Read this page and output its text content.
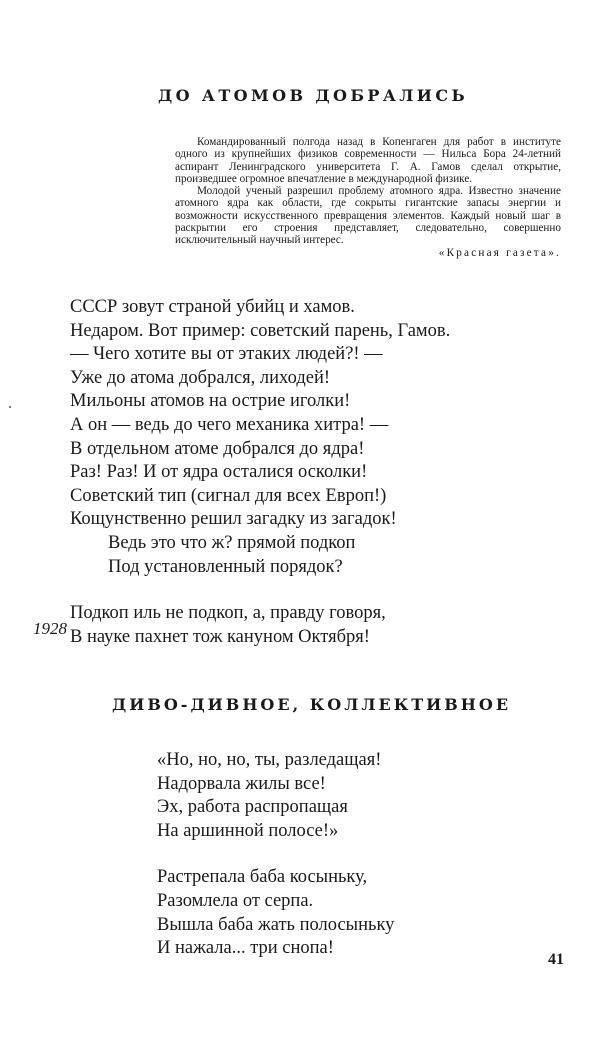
ДО АТОМОВ ДОБРАЛИСЬ

Командированный полгода назад в Копенгаген для работ в институте одного из крупнейших физиков современности — Нильса Бора 24-летний аспирант Ленинградского университета Г. А. Гамов сделал открытие, произведшее огромное впечатление в международной физике.

Молодой ученый разрешил проблему атомного ядра. Известно значение атомного ядра как области, где сокрыты гигантские запасы энергии и возможности искусственного превращения элементов. Каждый новый шаг в раскрытии его строения представляет, следовательно, совершенно исключительный научный интерес.

«Красная газета».

СССР зовут страной убийц и хамов.
Недаром. Вот пример: советский парень, Гамов.
— Чего хотите вы от этаких людей?! —
Уже до атома добрался, лиходей!
Мильоны атомов на острие иголки!
А он — ведь до чего механика хитра! —
В отдельном атоме добрался до ядра!
Раз! Раз! И от ядра осталися осколки!
Советский тип (сигнал для всех Европ!)
Кощунственно решил загадку из загадок!
Ведь это что ж? прямой подкоп
Под установленный порядок?
Подкоп иль не подкоп, а, правду говоря,
В науке пахнет тож кануном Октября!
1928
ДИВО-ДИВНОЕ, КОЛЛЕКТИВНОЕ
«Но, но, но, ты, разледащая!
Надорвала жилы все!
Эх, работа распропащая
На аршинной полосе!»
Растрепала баба косыньку,
Разомлела от серпа.
Вышла баба жать полосыньку
И нажала... три снопа!
41
